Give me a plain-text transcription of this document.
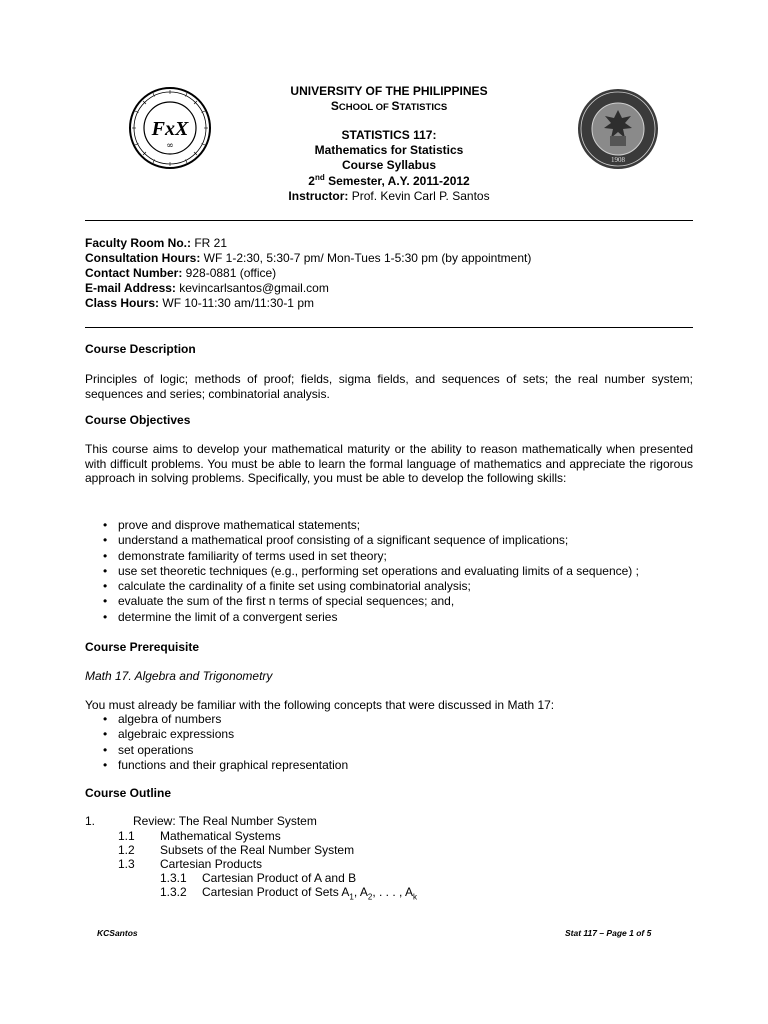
FxX
∞
1908
UNIVERSITY OF THE PHILIPPINES
SCHOOL OF STATISTICS
STATISTICS 117:
Mathematics for Statistics
Course Syllabus
2nd Semester, A.Y. 2011-2012
Instructor: Prof. Kevin Carl P. Santos
Faculty Room No.: FR 21
Consultation Hours: WF 1-2:30, 5:30-7 pm/ Mon-Tues 1-5:30 pm (by appointment)
Contact Number: 928-0881 (office)
E-mail Address: kevincarlsantos@gmail.com
Class Hours: WF 10-11:30 am/11:30-1 pm
Course Description
Principles of logic; methods of proof; fields, sigma fields, and sequences of sets; the real number system; sequences and series; combinatorial analysis.
Course Objectives
This course aims to develop your mathematical maturity or the ability to reason mathematically when presented with difficult problems. You must be able to learn the formal language of mathematics and appreciate the rigorous approach in solving problems. Specifically, you must be able to develop the following skills:
• prove and disprove mathematical statements;
• understand a mathematical proof consisting of a significant sequence of implications;
• demonstrate familiarity of terms used in set theory;
• use set theoretic techniques (e.g., performing set operations and evaluating limits of a sequence) ;
• calculate the cardinality of a finite set using combinatorial analysis;
• evaluate the sum of the first n terms of special sequences; and,
• determine the limit of a convergent series
Course Prerequisite
Math 17. Algebra and Trigonometry
You must already be familiar with the following concepts that were discussed in Math 17:
• algebra of numbers
• algebraic expressions
• set operations
• functions and their graphical representation
Course Outline
1.	Review: The Real Number System
1.1 Mathematical Systems
1.2 Subsets of the Real Number System
1.3 Cartesian Products
1.3.1 Cartesian Product of A and B
1.3.2 Cartesian Product of Sets $A_1$, $A_2$, . . . , $A_k$
KCSantos	Stat 117 – Page 1 of 5
